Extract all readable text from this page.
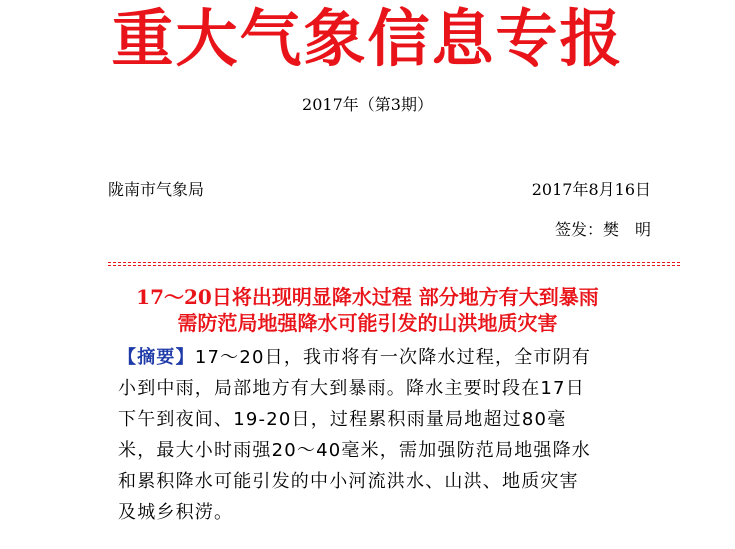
重大气象信息专报
2017年（第3期）
陇南市气象局	2017年8月16日
签发：樊　明
17～20日将出现明显降水过程 部分地方有大到暴雨
需防范局地强降水可能引发的山洪地质灾害
【摘要】17～20日，我市将有一次降水过程，全市阴有
小到中雨，局部地方有大到暴雨。降水主要时段在17日
下午到夜间、19-20日，过程累积雨量局地超过80毫
米，最大小时雨强20～40毫米，需加强防范局地强降水
和累积降水可能引发的中小河流洪水、山洪、地质灾害
及城乡积涝。
